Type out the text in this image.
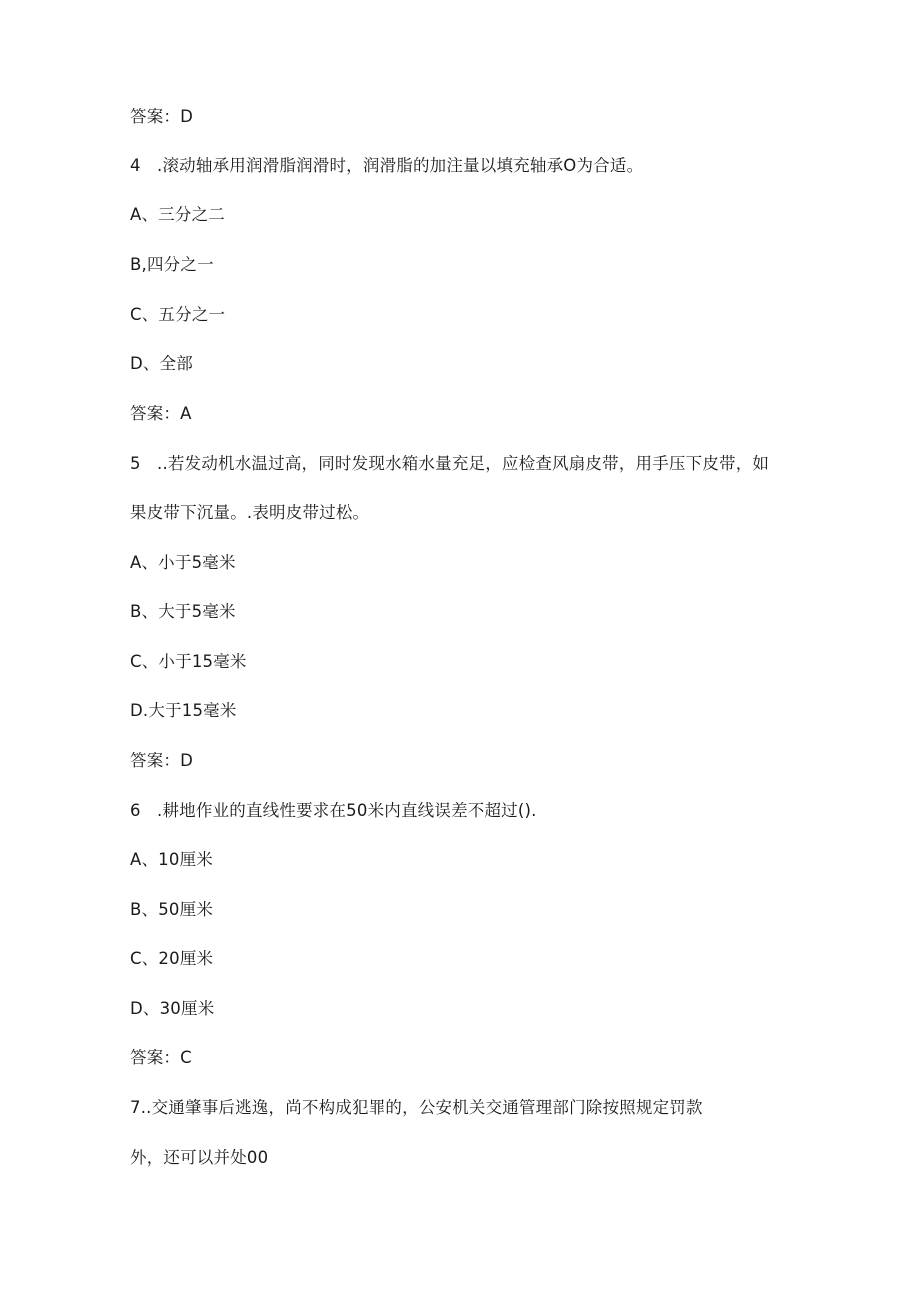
答案：D
4   .滚动轴承用润滑脂润滑时，润滑脂的加注量以填充轴承O为合适。
A、三分之二
B,四分之一
C、五分之一
D、全部
答案：A
5   ..若发动机水温过高，同时发现水箱水量充足，应检查风扇皮带，用手压下皮带，如
果皮带下沉量。.表明皮带过松。
A、小于5毫米
B、大于5毫米
C、小于15毫米
D.大于15毫米
答案：D
6   .耕地作业的直线性要求在50米内直线误差不超过().
A、10厘米
B、50厘米
C、20厘米
D、30厘米
答案：C
7..交通肇事后逃逸，尚不构成犯罪的，公安机关交通管理部门除按照规定罚款
外，还可以并处00
